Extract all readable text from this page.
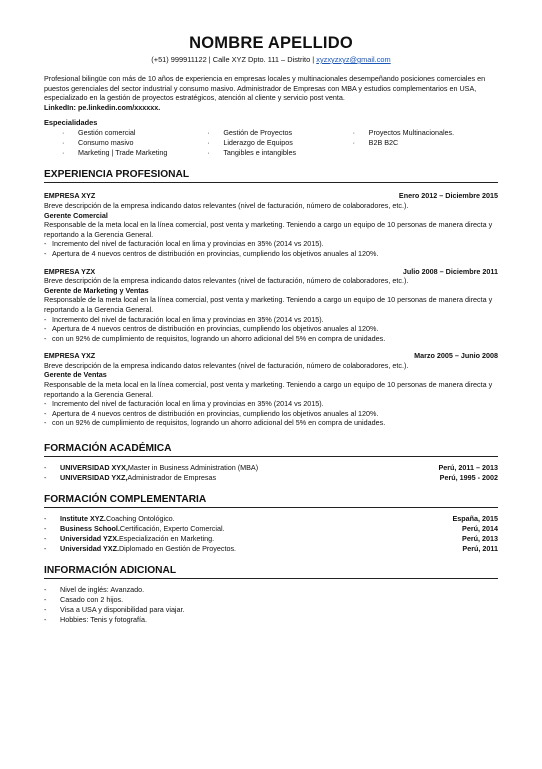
NOMBRE APELLIDO
(+51) 999911122 | Calle XYZ Dpto. 111 – Distrito | xyzxyzxyz@gmail.com
Profesional bilingüe con más de 10 años de experiencia en empresas locales y multinacionales desempeñando posiciones comerciales en puestos gerenciales del sector industrial y consumo masivo. Administrador de Empresas con MBA y estudios complementarios en USA, especializado en la gestión de proyectos estratégicos, atención al cliente y servicio post venta.
LinkedIn: pe.linkedin.com/xxxxxx.
Especialidades
·	Gestión comercial	·	Gestión de Proyectos	·	Proyectos Multinacionales.
·	Consumo masivo	·	Liderazgo de Equipos	·	B2B B2C
·	Marketing | Trade Marketing	·	Tangibles e intangibles
EXPERIENCIA PROFESIONAL
EMPRESA XYZ	Enero 2012 – Diciembre 2015
Breve descripción de la empresa indicando datos relevantes (nivel de facturación, número de colaboradores, etc.).
Gerente Comercial
Responsable de la meta local en la línea comercial, post venta y marketing. Teniendo a cargo un equipo de 10 personas de manera directa y reportando a la Gerencia General.
- Incremento del nivel de facturación local en lima y provincias en 35% (2014 vs 2015).
- Apertura de 4 nuevos centros de distribución en provincias, cumpliendo los objetivos anuales al 120%.
EMPRESA YZX	Julio 2008 – Diciembre 2011
Breve descripción de la empresa indicando datos relevantes (nivel de facturación, número de colaboradores, etc.).
Gerente de Marketing y Ventas
Responsable de la meta local en la línea comercial, post venta y marketing. Teniendo a cargo un equipo de 10 personas de manera directa y reportando a la Gerencia General.
- Incremento del nivel de facturación local en lima y provincias en 35% (2014 vs 2015).
- Apertura de 4 nuevos centros de distribución en provincias, cumpliendo los objetivos anuales al 120%.
- con un 92% de cumplimiento de requisitos, logrando un ahorro adicional del 5% en compra de unidades.
EMPRESA YXZ	Marzo 2005 – Junio 2008
Breve descripción de la empresa indicando datos relevantes (nivel de facturación, número de colaboradores, etc.).
Gerente de Ventas
Responsable de la meta local en la línea comercial, post venta y marketing. Teniendo a cargo un equipo de 10 personas de manera directa y reportando a la Gerencia General.
- Incremento del nivel de facturación local en lima y provincias en 35% (2014 vs 2015).
- Apertura de 4 nuevos centros de distribución en provincias, cumpliendo los objetivos anuales al 120%.
- con un 92% de cumplimiento de requisitos, logrando un ahorro adicional del 5% en compra de unidades.
FORMACIÓN ACADÉMICA
-	UNIVERSIDAD XYX, Master in Business Administration (MBA)	Perú, 2011 – 2013
-	UNIVERSIDAD YXZ, Administrador de Empresas	Perú, 1995 - 2002
FORMACIÓN COMPLEMENTARIA
-	Institute XYZ. Coaching Ontológico.	España, 2015
-	Business School. Certificación, Experto Comercial.	Perú, 2014
-	Universidad YZX. Especialización en Marketing.	Perú, 2013
-	Universidad YXZ. Diplomado en Gestión de Proyectos.	Perú, 2011
INFORMACIÓN ADICIONAL
-	Nivel de inglés: Avanzado.
-	Casado con 2 hijos.
-	Visa a USA y disponibilidad para viajar.
-	Hobbies: Tenis y fotografía.
